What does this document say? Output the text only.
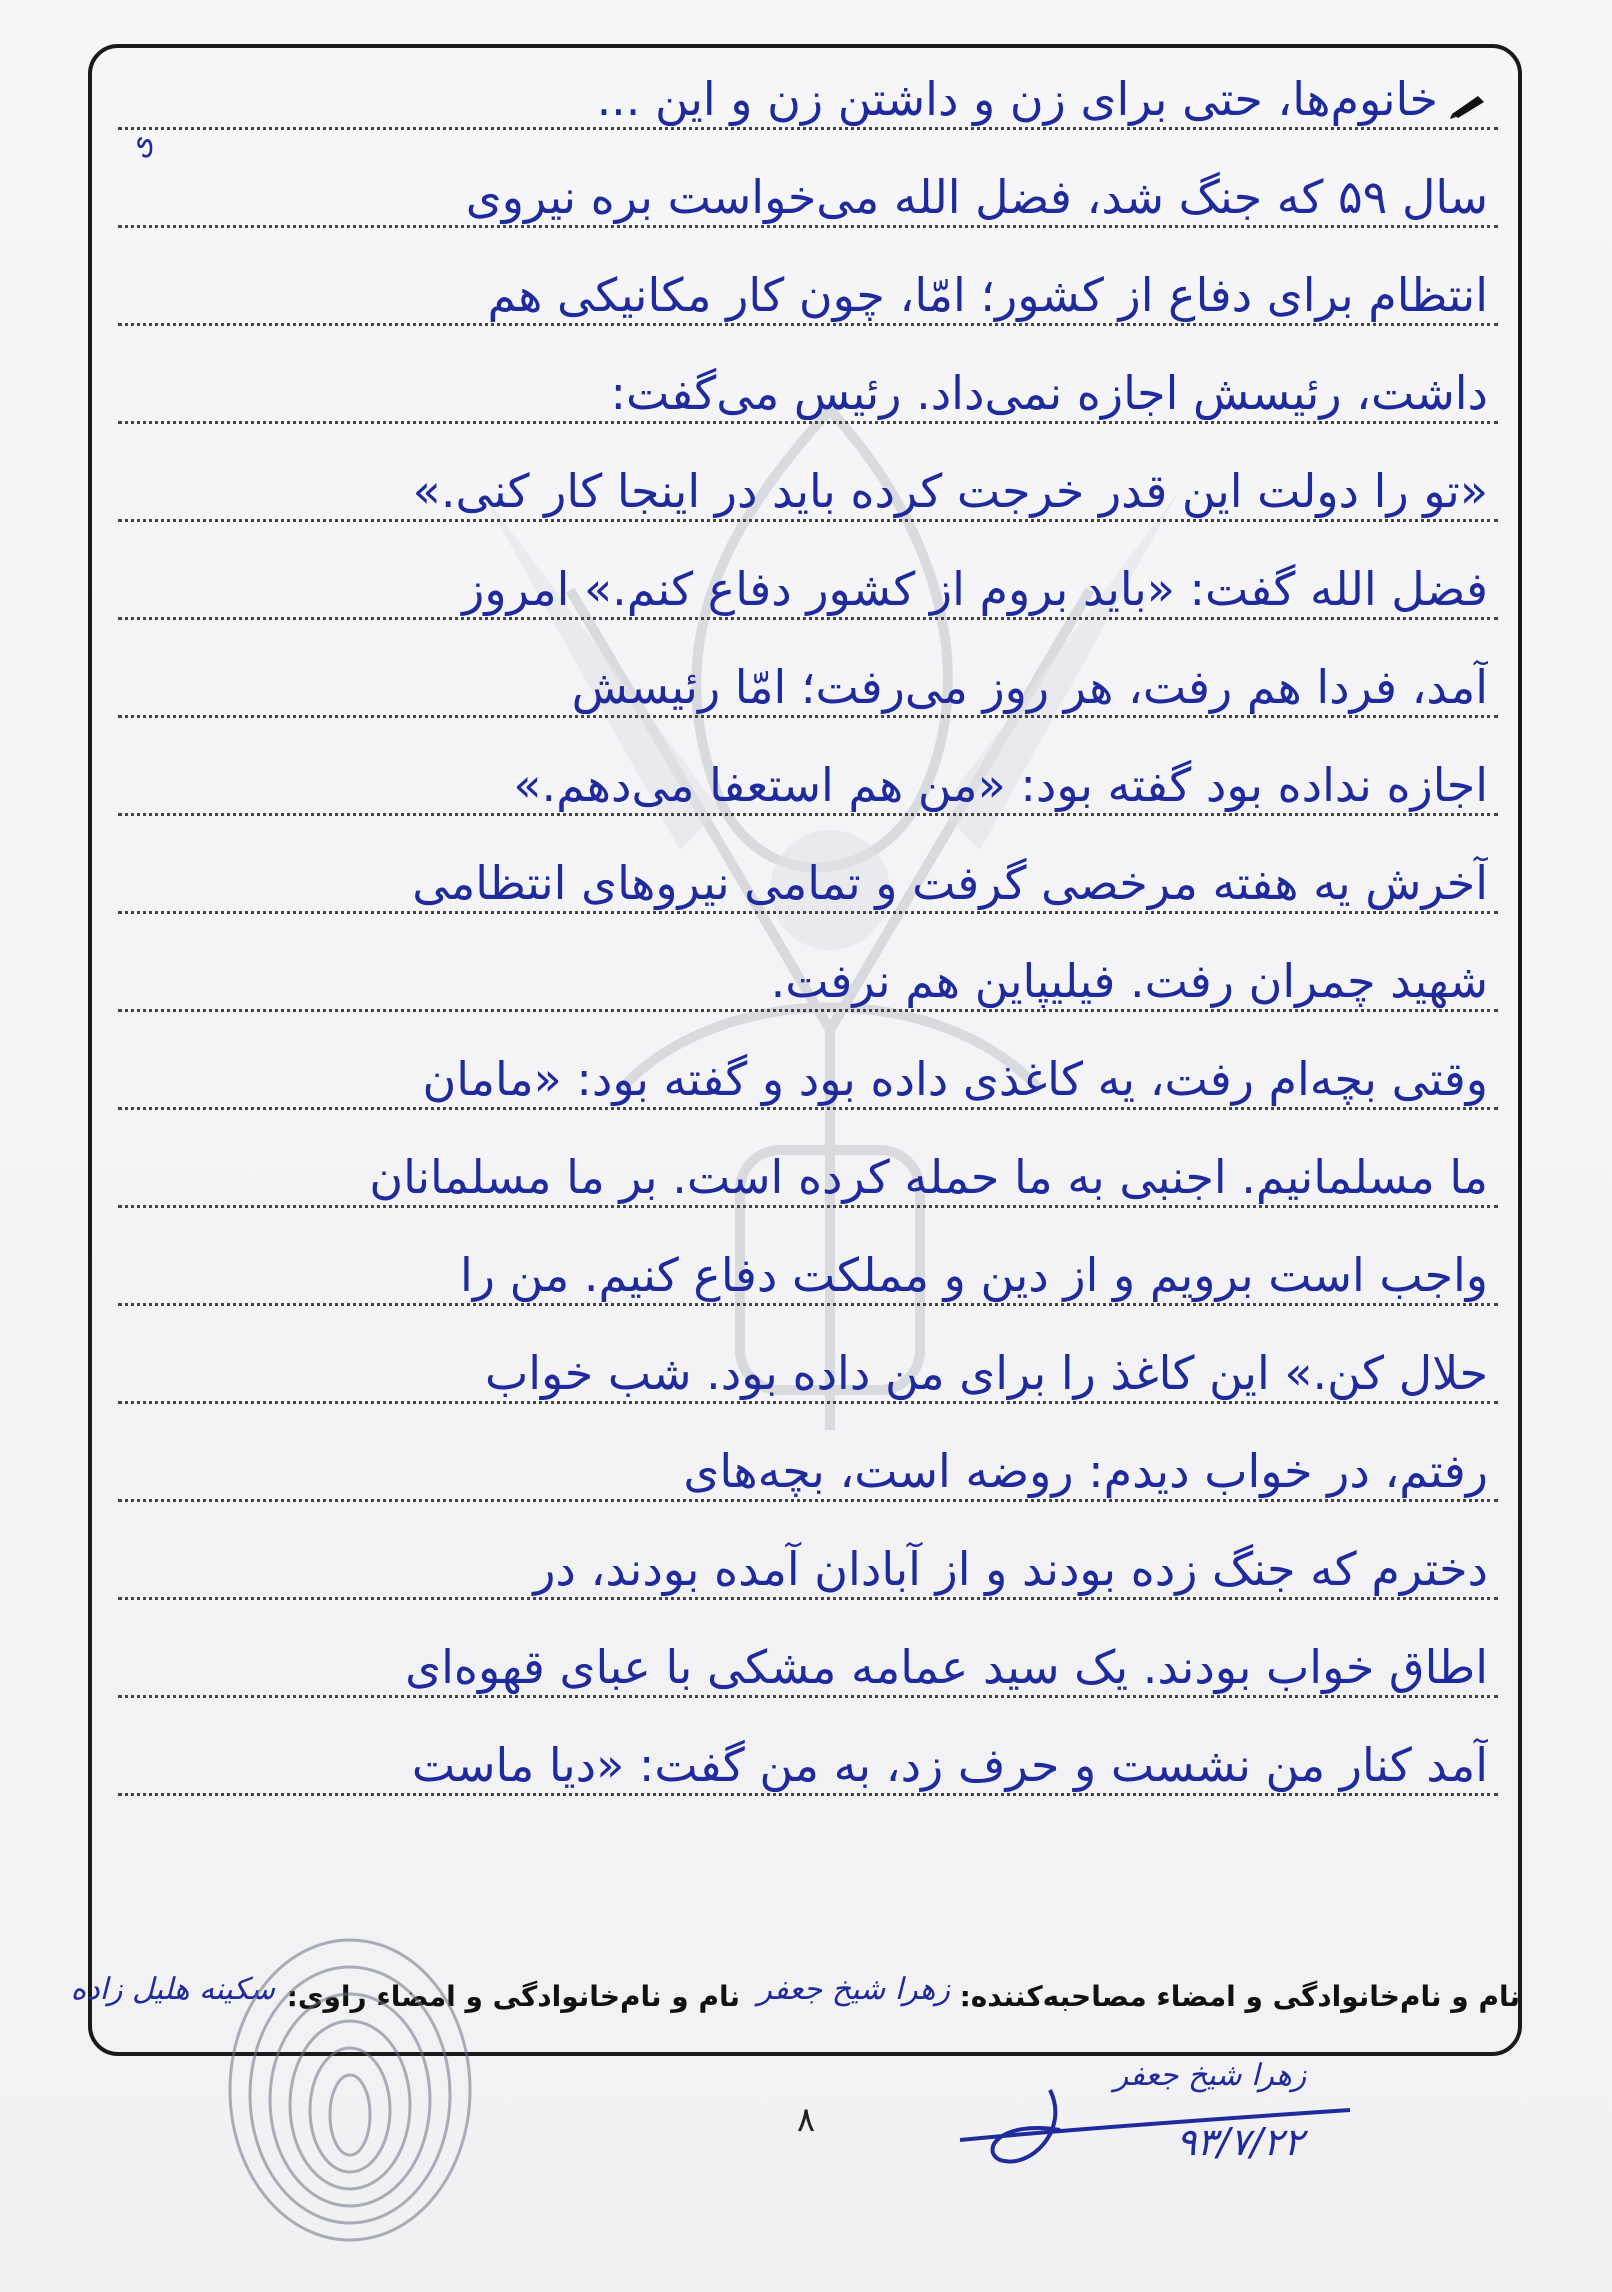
ی
خانوم‌ها، حتی برای زن و داشتن زن و این ...
سال ۵۹ که جنگ شد، فضل الله می‌خواست بره نیروی
انتظام برای دفاع از کشور؛ امّا، چون کار مکانیکی هم
داشت، رئیسش اجازه نمی‌داد. رئیس می‌گفت:
«تو را دولت این قدر خرجت کرده باید در اینجا کار کنی.»
فضل الله گفت: «باید بروم از کشور دفاع کنم.» امروز
آمد، فردا هم رفت، هر روز می‌رفت؛ امّا رئیسش
اجازه نداده بود گفته بود: «من هم استعفا می‌دهم.»
آخرش یه هفته مرخصی گرفت و تمامی نیروهای انتظامی
شهید چمران رفت. فیلیپاین هم نرفت.
وقتی بچه‌ام رفت، یه کاغذی داده بود و گفته بود: «مامان
ما مسلمانیم. اجنبی به ما حمله کرده است. بر ما مسلمانان
واجب است برویم و از دین و مملکت دفاع کنیم. من را
حلال کن.» این کاغذ را برای من داده بود. شب خواب
رفتم، در خواب دیدم: روضه است، بچه‌های
دخترم که جنگ زده بودند و از آبادان آمده بودند، در
اطاق خواب بودند. یک سید عمامه مشکی با عبای قهوه‌ای
آمد کنار من نشست و حرف زد، به من گفت: «دیا ماست
نام و نام‌خانوادگی و امضاء مصاحبه‌کننده:
زهرا شیخ جعفر
نام و نام‌خانوادگی و امضاء راوی:
سکینه هلیل زاده
زهرا شیخ جعفر
۹۳/۷/۲۲
۸
